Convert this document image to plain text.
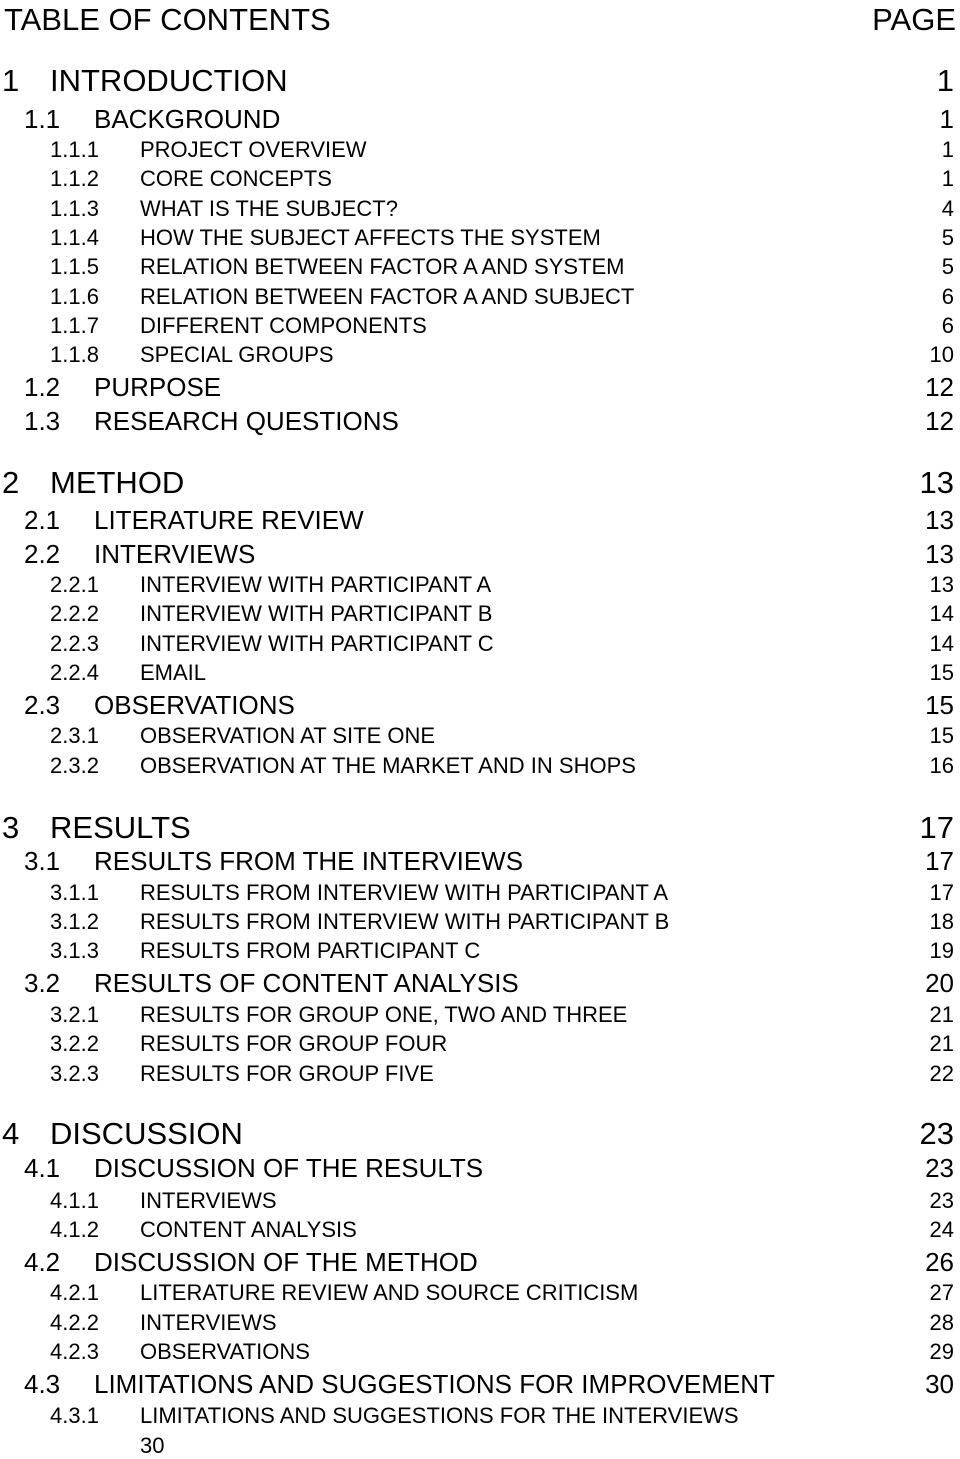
TABLE OF CONTENTS	PAGE
1 INTRODUCTION	1
1.1 BACKGROUND	1
1.1.1 PROJECT OVERVIEW	1
1.1.2 CORE CONCEPTS	1
1.1.3 WHAT IS THE SUBJECT?	4
1.1.4 HOW THE SUBJECT AFFECTS THE SYSTEM	5
1.1.5 RELATION BETWEEN FACTOR A AND SYSTEM	5
1.1.6 RELATION BETWEEN FACTOR A AND SUBJECT	6
1.1.7 DIFFERENT COMPONENTS	6
1.1.8 SPECIAL GROUPS	10
1.2 PURPOSE	12
1.3 RESEARCH QUESTIONS	12
2 METHOD	13
2.1 LITERATURE REVIEW	13
2.2 INTERVIEWS	13
2.2.1 INTERVIEW WITH PARTICIPANT A	13
2.2.2 INTERVIEW WITH PARTICIPANT B	14
2.2.3 INTERVIEW WITH PARTICIPANT C	14
2.2.4 EMAIL	15
2.3 OBSERVATIONS	15
2.3.1 OBSERVATION AT SITE ONE	15
2.3.2 OBSERVATION AT THE MARKET AND IN SHOPS	16
3 RESULTS	17
3.1 RESULTS FROM THE INTERVIEWS	17
3.1.1 RESULTS FROM INTERVIEW WITH PARTICIPANT A	17
3.1.2 RESULTS FROM INTERVIEW WITH PARTICIPANT B	18
3.1.3 RESULTS FROM PARTICIPANT C	19
3.2 RESULTS OF CONTENT ANALYSIS	20
3.2.1 RESULTS FOR GROUP ONE, TWO AND THREE	21
3.2.2 RESULTS FOR GROUP FOUR	21
3.2.3 RESULTS FOR GROUP FIVE	22
4 DISCUSSION	23
4.1 DISCUSSION OF THE RESULTS	23
4.1.1 INTERVIEWS	23
4.1.2 CONTENT ANALYSIS	24
4.2 DISCUSSION OF THE METHOD	26
4.2.1 LITERATURE REVIEW AND SOURCE CRITICISM	27
4.2.2 INTERVIEWS	28
4.2.3 OBSERVATIONS	29
4.3 LIMITATIONS AND SUGGESTIONS FOR IMPROVEMENT	30
4.3.1 LIMITATIONS AND SUGGESTIONS FOR THE INTERVIEWS
30
